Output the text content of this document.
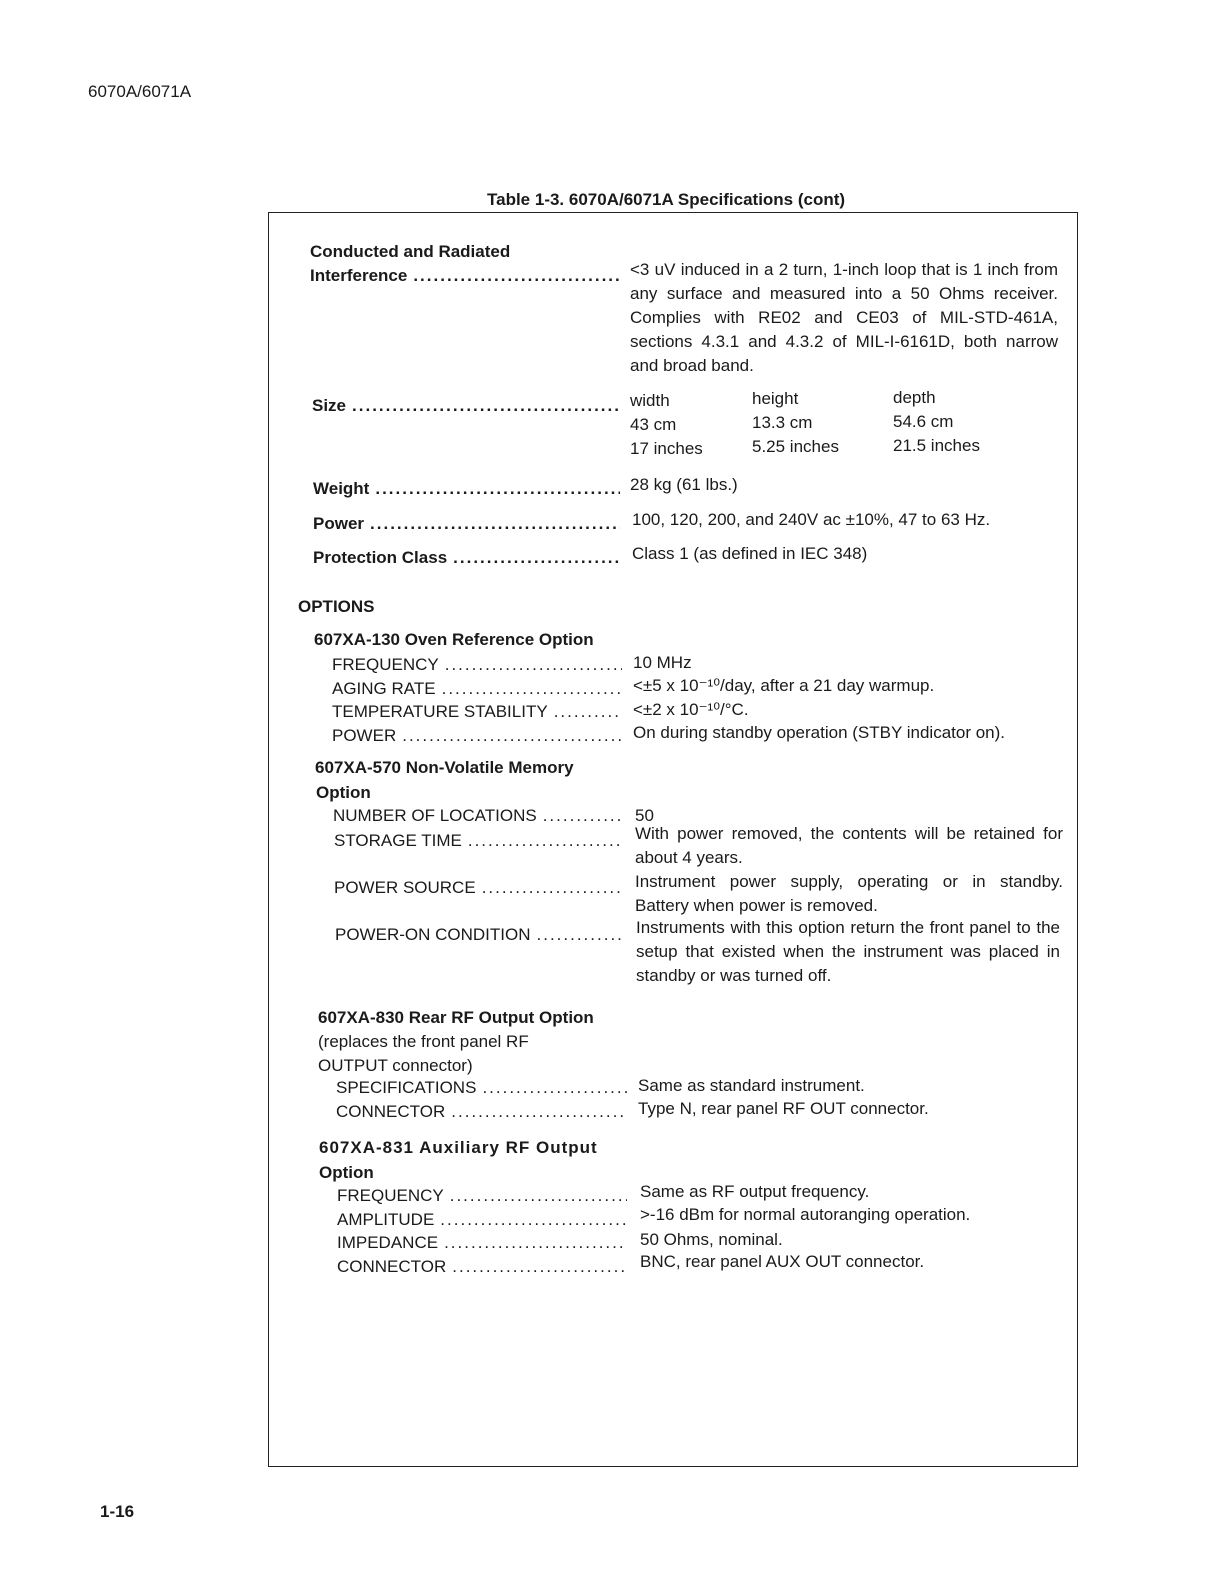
6070A/6071A
Table 1-3. 6070A/6071A Specifications (cont)
Conducted and Radiated
Interference .....	<3 uV induced in a 2 turn, 1-inch loop that is 1 inch from any surface and measured into a 50 Ohms receiver. Complies with RE02 and CE03 of MIL-STD-461A, sections 4.3.1 and 4.3.2 of MIL-I-6161D, both narrow and broad band.
Size .....	width	height	depth
43 cm	13.3 cm	54.6 cm
17 inches	5.25 inches	21.5 inches
Weight .....	28 kg (61 lbs.)
Power .....	100, 120, 200, and 240V ac ±10%, 47 to 63 Hz.
Protection Class .....	Class 1 (as defined in IEC 348)
OPTIONS
607XA-130 Oven Reference Option
FREQUENCY .....	10 MHz
AGING RATE .....	<±5 x 10⁻¹⁰/day, after a 21 day warmup.
TEMPERATURE STABILITY .....	<±2 x 10⁻¹⁰/°C.
POWER .....	On during standby operation (STBY indicator on).
607XA-570 Non-Volatile Memory
Option
NUMBER OF LOCATIONS .....	50
STORAGE TIME .....	With power removed, the contents will be retained for about 4 years.
POWER SOURCE .....	Instrument power supply, operating or in standby. Battery when power is removed.
POWER-ON CONDITION .....	Instruments with this option return the front panel to the setup that existed when the instrument was placed in standby or was turned off.
607XA-830 Rear RF Output Option
(replaces the front panel RF
OUTPUT connector)
SPECIFICATIONS .....	Same as standard instrument.
CONNECTOR .....	Type N, rear panel RF OUT connector.
607XA-831 Auxiliary RF Output
Option
FREQUENCY .....	Same as RF output frequency.
AMPLITUDE .....	>-16 dBm for normal autoranging operation.
IMPEDANCE .....	50 Ohms, nominal.
CONNECTOR .....	BNC, rear panel AUX OUT connector.
1-16
